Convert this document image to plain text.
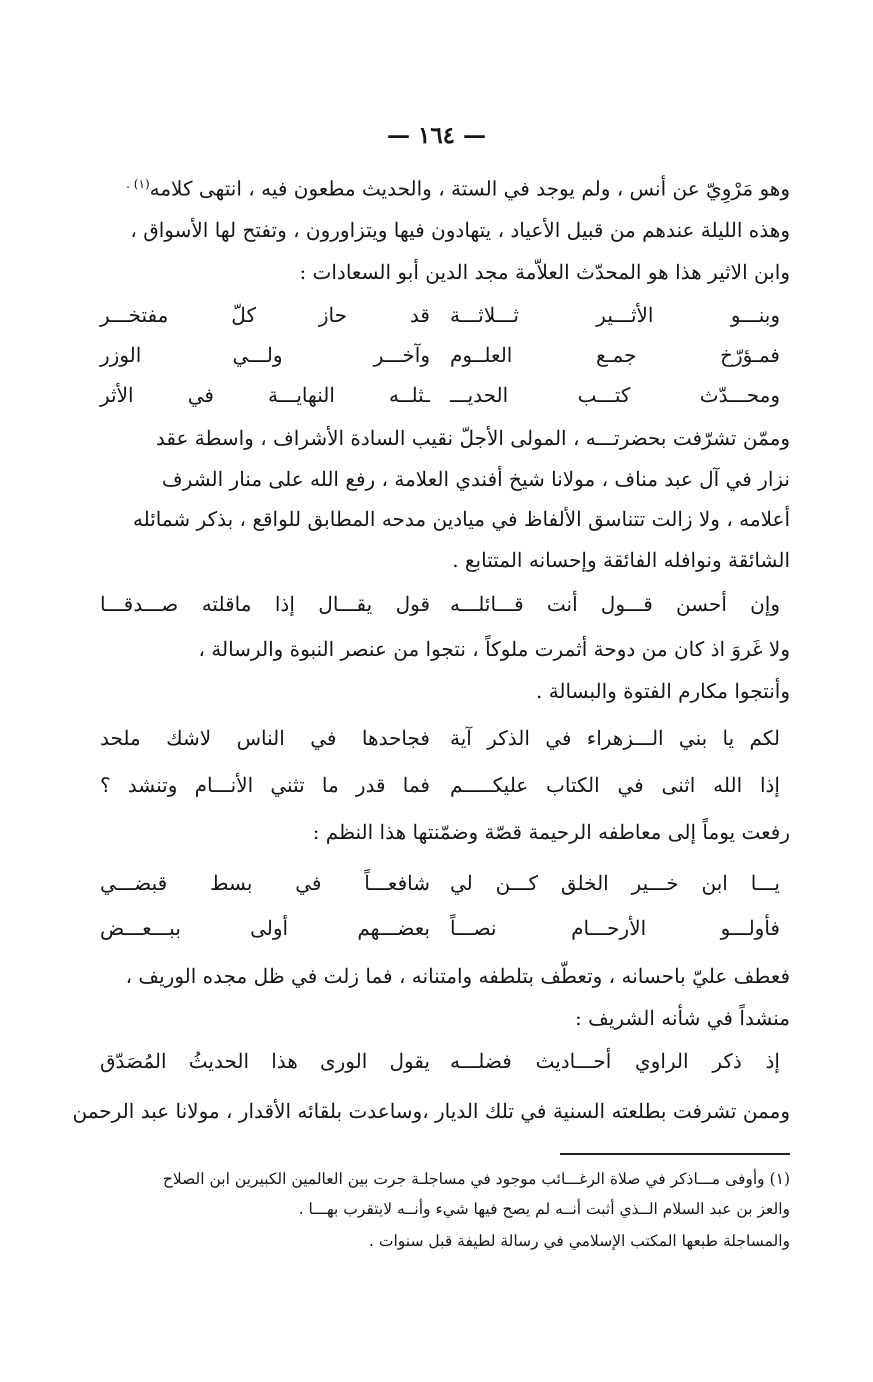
— ١٦٤ —
وهو مَرْوِيّ عن أنس ، ولم يوجد في الستة ، والحديث مطعون فيه ، انتهى كلامه$^{(١) .}$
وهذه الليلة عندهم من قبيل الأعياد ، يتهادون فيها ويتزاورون ، وتفتح لها الأسواق ،
وابن الاثير هذا هو المحدّث العلاّمة مجد الدين أبو السعادات :
وبنـــو الأثـــير ثـــلاثـــة
قد حاز كلّ مفتخـــر
فمـؤرّخ جمـع العلــوم
وآخـــر ولـــي الوزر
ومحـــدّث كتـــب الحديـــ
ـثلــه النهايـــة في الأثر
وممّن تشرّفت بحضرتـــه ، المولى الأجلّ نقيب السادة الأشراف ، واسطة عقد
نزار في آل عبد مناف ، مولانا شيخ أفندي العلامة ، رفع الله على منار الشرف
أعلامه ، ولا زالت تتناسق الألفاظ في ميادين مدحه المطابق للواقع ، بذكر شمائله
الشائقة ونوافله الفائقة وإحسانه المتتابع .
وإن أحسن قـــول أنت قـــائلـــه
قول يقـــال إذا ماقلته صـــدقـــا
ولا غَروَ اذ كان من دوحة أثمرت ملوكاً ، نتجوا من عنصر النبوة والرسالة ،
وأنتجوا مكارم الفتوة والبسالة .
لكم يا بني الـــزهراء في الذكر آية
فجاحدها في الناس لاشك ملحد
إذا الله اثنى في الكتاب عليكـــــم
فما قدر ما تثني الأنـــام وتنشد ؟
رفعت يوماً إلى معاطفه الرحيمة قصّة وضمّنتها هذا النظم :
يـــا ابن خـــير الخلق كـــن لي
شافعـــاً في بسط قبضـــي
فأولـــو الأرحـــام نصـــاً
بعضـــهم أولى ببـــعـــض
فعطف عليّ باحسانه ، وتعطّف بتلطفه وامتنانه ، فما زلت في ظل مجده الوريف ،
منشداً في شأنه الشريف :
إذ ذكر الراوي أحـــاديث فضلـــه
يقول الورى هذا الحديثُ المُصَدّق
وممن تشرفت بطلعته السنية في تلك الديار ،وساعدت بلقائه الأقدار ، مولانا عبد الرحمن
(١) وأوفى مـــاذكر في صلاة الرغـــائب موجود في مساجلـة جرت بين العالمين الكبيرين ابن الصلاح
والعز بن عبد السلام الــذي أثبت أنــه لم يصح فيها شيء وأنــه لايتقرب بهـــا .
والمساجلة طبعها المكتب الإسلامي في رسالة لطيفة قبل سنوات .
